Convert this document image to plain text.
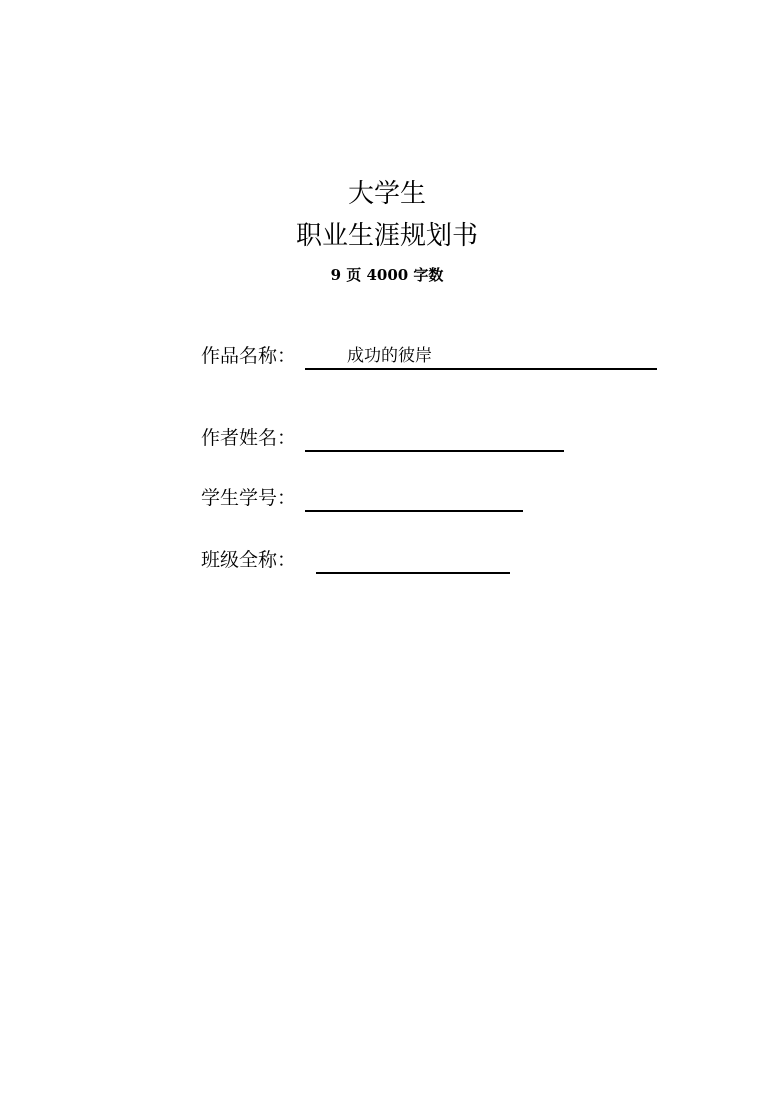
大学生
职业生涯规划书
9 页 4000 字数
作品名称：	成功的彼岸
作者姓名：
学生学号：
班级全称：
